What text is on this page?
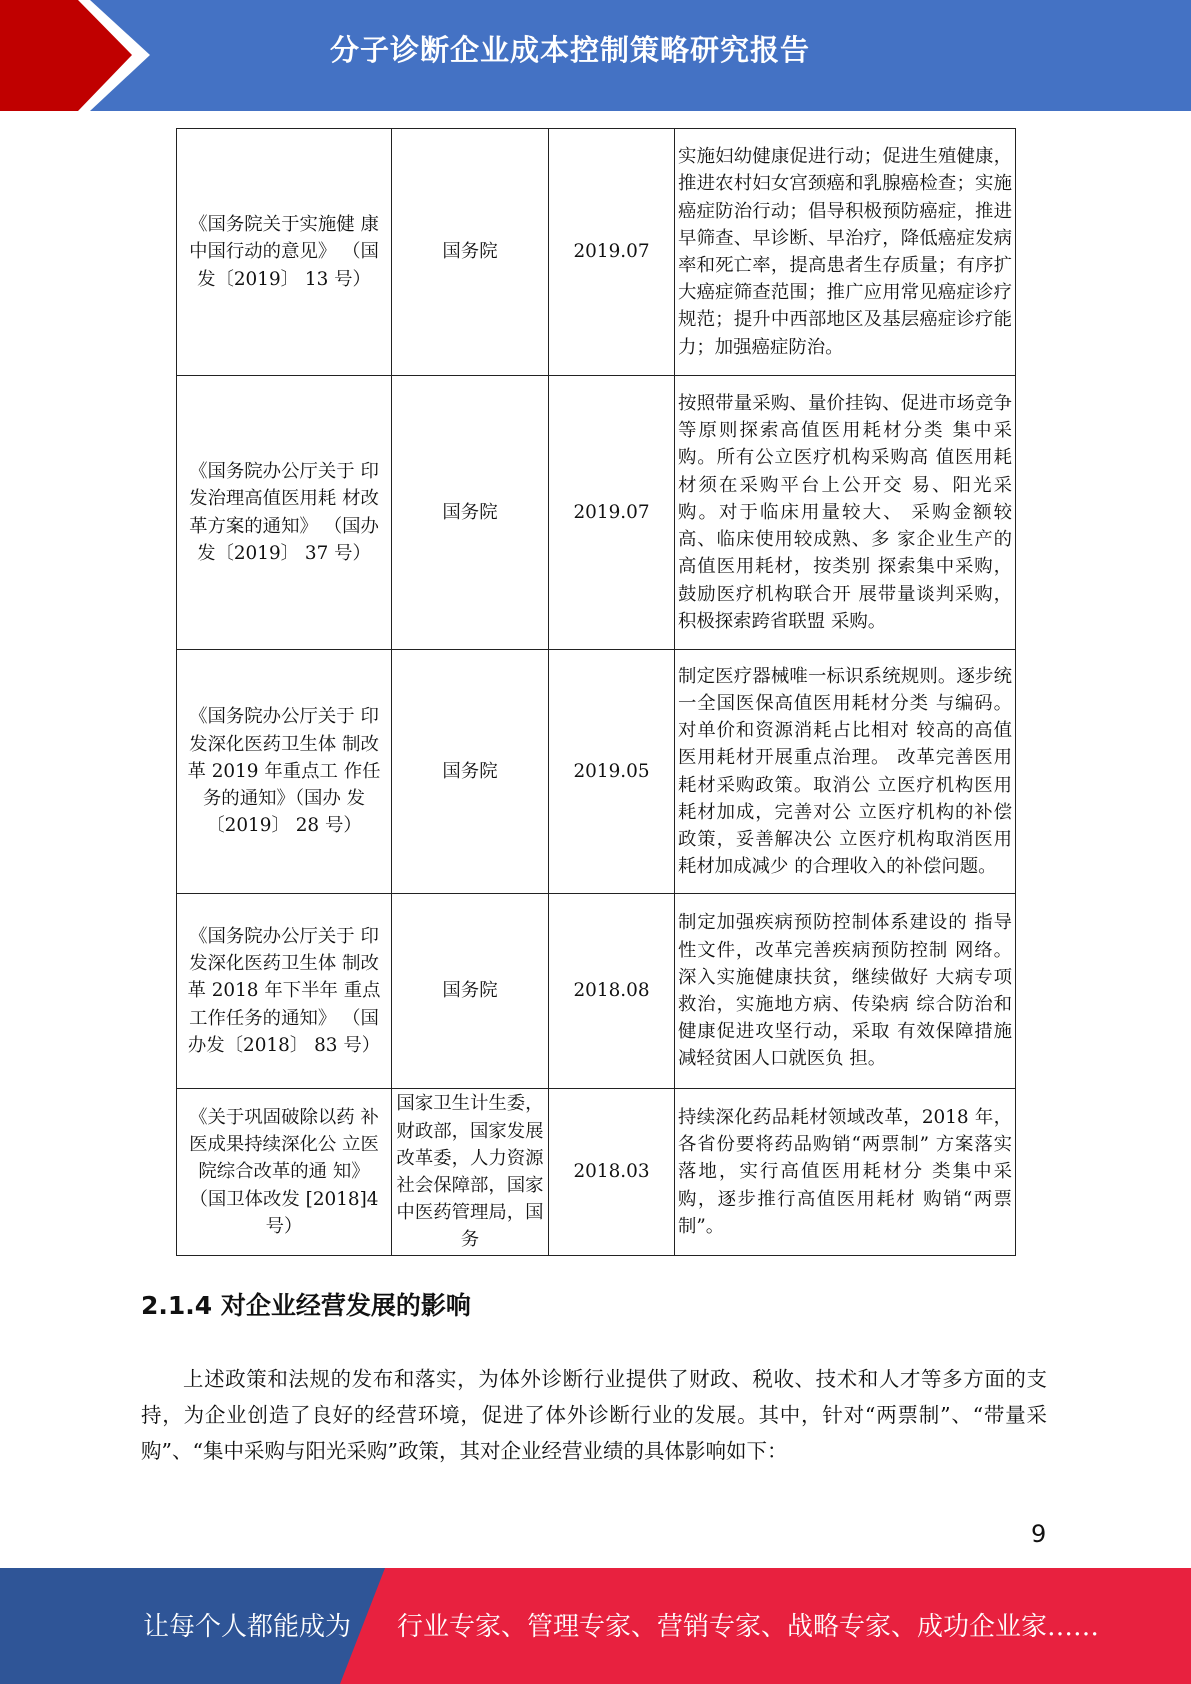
分子诊断企业成本控制策略研究报告
《国务院关于实施健 康中国行动的意见》 （国发〔2019〕 13 号）	国务院	2019.07	实施妇幼健康促进行动；促进生殖健康，推进农村妇女宫颈癌和乳腺癌检查；实施癌症防治行动；倡导积极预防癌症，推进早筛查、早诊断、早治疗，降低癌症发病率和死亡率，提高患者生存质量；有序扩大癌症筛查范围；推广应用常见癌症诊疗规范；提升中西部地区及基层癌症诊疗能力；加强癌症防治。
《国务院办公厅关于 印发治理高值医用耗 材改革方案的通知》 （国办发〔2019〕 37 号）	国务院	2019.07	按照带量采购、量价挂钩、促进市场竞争等原则探索高值医用耗材分类 集中采购。所有公立医疗机构采购高 值医用耗材须在采购平台上公开交 易、阳光采购。对于临床用量较大、 采购金额较高、临床使用较成熟、多 家企业生产的高值医用耗材，按类别 探索集中采购，鼓励医疗机构联合开 展带量谈判采购，积极探索跨省联盟 采购。
《国务院办公厅关于 印发深化医药卫生体 制改革 2019 年重点工 作任务的通知》（国办 发〔2019〕 28 号）	国务院	2019.05	制定医疗器械唯一标识系统规则。逐步统一全国医保高值医用耗材分类 与编码。对单价和资源消耗占比相对 较高的高值医用耗材开展重点治理。 改革完善医用耗材采购政策。取消公 立医疗机构医用耗材加成，完善对公 立医疗机构的补偿政策，妥善解决公 立医疗机构取消医用耗材加成减少 的合理收入的补偿问题。
《国务院办公厅关于 印发深化医药卫生体 制改革 2018 年下半年 重点工作任务的通知》 （国办发〔2018〕 83 号）	国务院	2018.08	制定加强疾病预防控制体系建设的 指导性文件，改革完善疾病预防控制 网络。深入实施健康扶贫，继续做好 大病专项救治，实施地方病、传染病 综合防治和健康促进攻坚行动，采取 有效保障措施减轻贫困人口就医负 担。
《关于巩固破除以药 补医成果持续深化公 立医院综合改革的通 知》 （国卫体改发 [2018]4 号）	国家卫生计生委，财政部，国家发展改革委，人力资源社会保障部，国家中医药管理局，国务	2018.03	持续深化药品耗材领域改革，2018 年，各省份要将药品购销“两票制” 方案落实落地，实行高值医用耗材分 类集中采购，逐步推行高值医用耗材 购销“两票制”。
2.1.4 对企业经营发展的影响
上述政策和法规的发布和落实，为体外诊断行业提供了财政、税收、技术和人才等多方面的支持，为企业创造了良好的经营环境，促进了体外诊断行业的发展。其中，针对“两票制”、“带量采购”、“集中采购与阳光采购”政策，其对企业经营业绩的具体影响如下：
9
让每个人都能成为 行业专家、管理专家、营销专家、战略专家、成功企业家……
